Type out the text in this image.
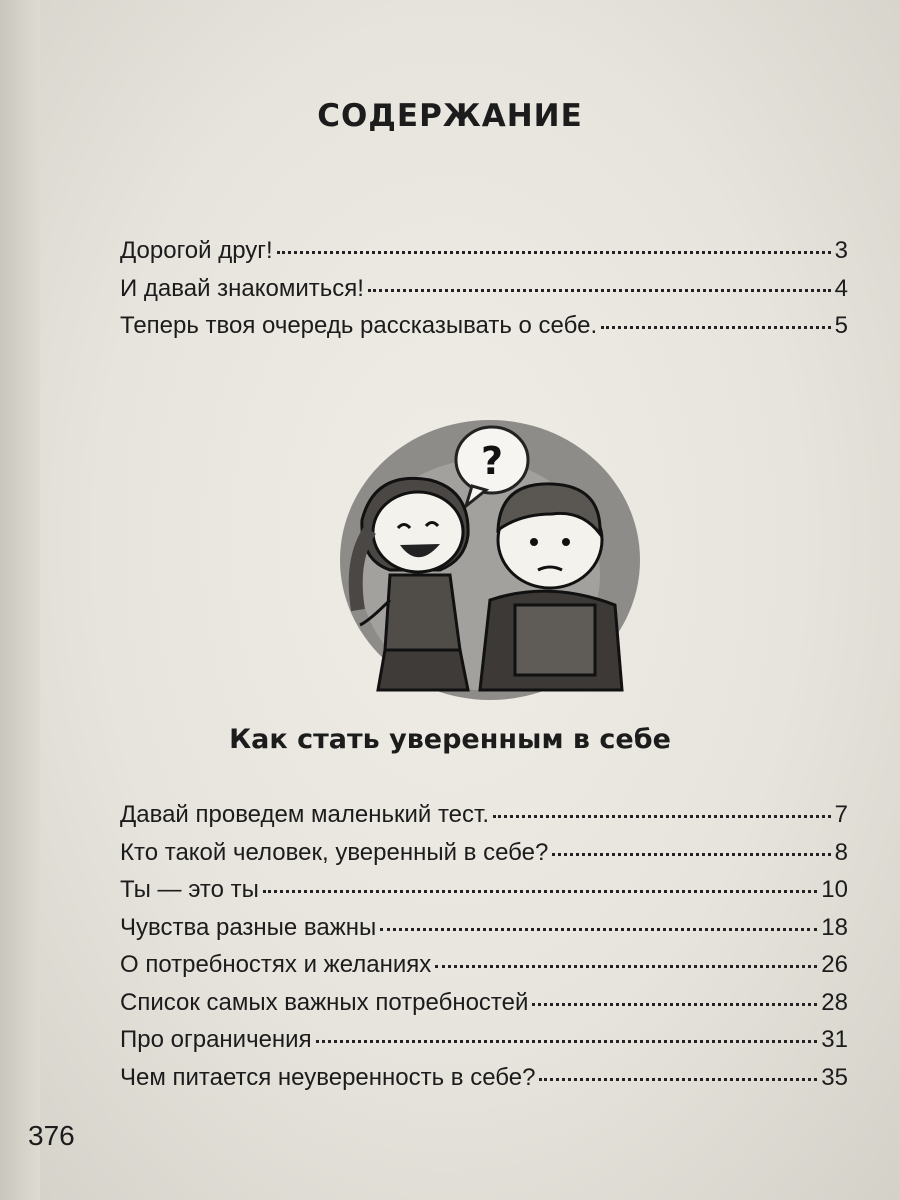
СОДЕРЖАНИЕ
Дорогой друг!	3
И давай знакомиться!	4
Теперь твоя очередь рассказывать о себе.	5
?
Как стать уверенным в себе
Давай проведем маленький тест.	7
Кто такой человек, уверенный в себе?	8
Ты — это ты	10
Чувства разные важны	18
О потребностях и желаниях	26
Список самых важных потребностей	28
Про ограничения	31
Чем питается неуверенность в себе?	35
376
